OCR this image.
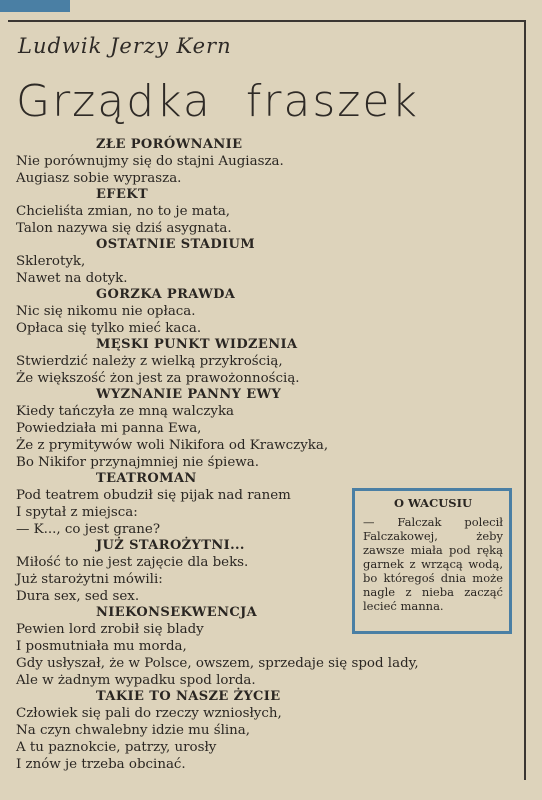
Ludwik Jerzy Kern
Grządka fraszek
ZŁE PORÓWNANIE
Nie porównujmy się do stajni Augiasza.
Augiasz sobie wyprasza.
EFEKT
Chcieliśta zmian, no to je mata,
Talon nazywa się dziś asygnata.
OSTATNIE STADIUM
Sklerotyk,
Nawet na dotyk.
GORZKA PRAWDA
Nic się nikomu nie opłaca.
Opłaca się tylko mieć kaca.
MĘSKI PUNKT WIDZENIA
Stwierdzić należy z wielką przykrością,
Że większość żon jest za prawożonnością.
WYZNANIE PANNY EWY
Kiedy tańczyła ze mną walczyka
Powiedziała mi panna Ewa,
Że z prymitywów woli Nikifora od Krawczyka,
Bo Nikifor przynajmniej nie śpiewa.
TEATROMAN
Pod teatrem obudził się pijak nad ranem
I spytał z miejsca:
— K..., co jest grane?
JUŻ STAROŻYTNI...
Miłość to nie jest zajęcie dla beks.
Już starożytni mówili:
Dura sex, sed sex.
NIEKONSEKWENCJA
Pewien lord zrobił się blady
I posmutniała mu morda,
Gdy usłyszał, że w Polsce, owszem, sprzedaje się spod lady,
Ale w żadnym wypadku spod lorda.
TAKIE TO NASZE ŻYCIE
Człowiek się pali do rzeczy wzniosłych,
Na czyn chwalebny idzie mu ślina,
A tu paznokcie, patrzy, urosły
I znów je trzeba obcinać.
O WACUSIU

— Falczak polecił Falczakowej, żeby zawsze miała pod ręką garnek z wrzącą wodą, bo któregoś dnia może nagle z nieba zacząć lecieć manna.
